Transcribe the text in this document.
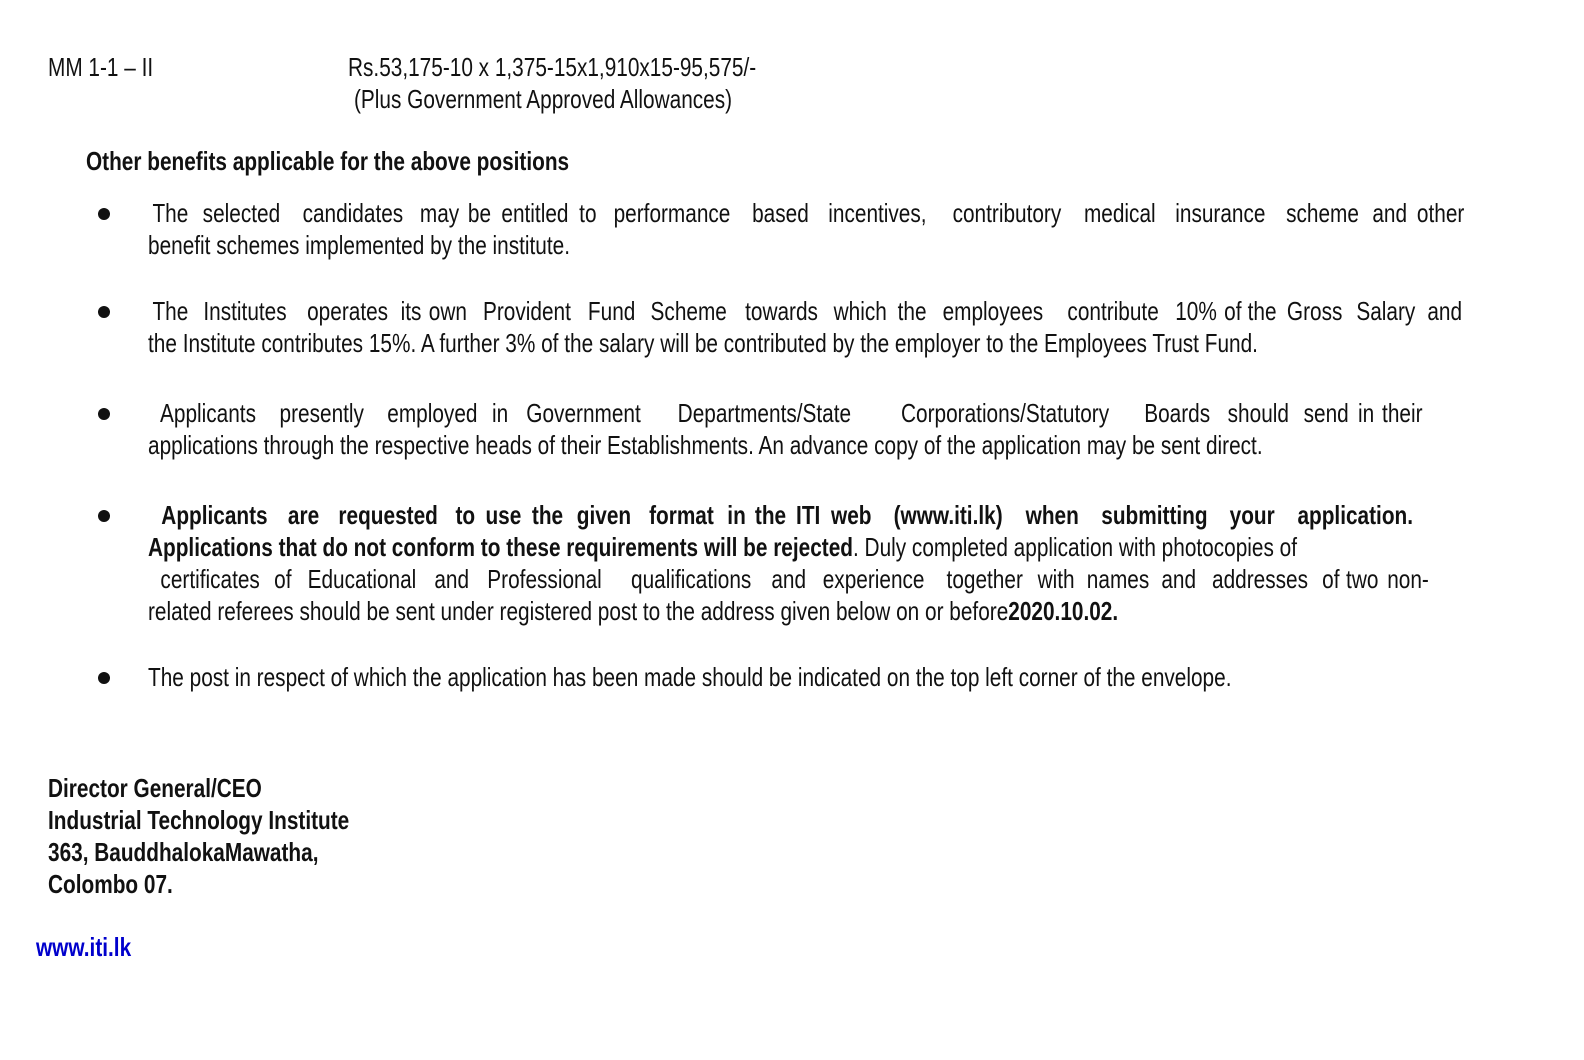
MM 1-1 – II	Rs.53,175-10 x 1,375-15x1,910x15-95,575/-
(Plus Government Approved Allowances)
Other benefits applicable for the above positions
The selected candidates may be entitled to performance based incentives, contributory medical insurance scheme and other
benefit schemes implemented by the institute.
The Institutes operates its own Provident Fund Scheme towards which the employees contribute 10% of the Gross Salary and
the Institute contributes 15%. A further 3% of the salary will be contributed by the employer to the Employees Trust Fund.
Applicants presently employed in Government Departments/State Corporations/Statutory Boards should send in their
applications through the respective heads of their Establishments. An advance copy of the application may be sent direct.
Applicants are requested to use the given format in the ITI web (www.iti.lk) when submitting your application.
Applications that do not conform to these requirements will be rejected. Duly completed application with photocopies of
certificates of Educational and Professional qualifications and experience together with names and addresses of two non-
related referees should be sent under registered post to the address given below on or before2020.10.02.
The post in respect of which the application has been made should be indicated on the top left corner of the envelope.
Director General/CEO
Industrial Technology Institute
363, BauddhalokaMawatha,
Colombo 07.
www.iti.lk
